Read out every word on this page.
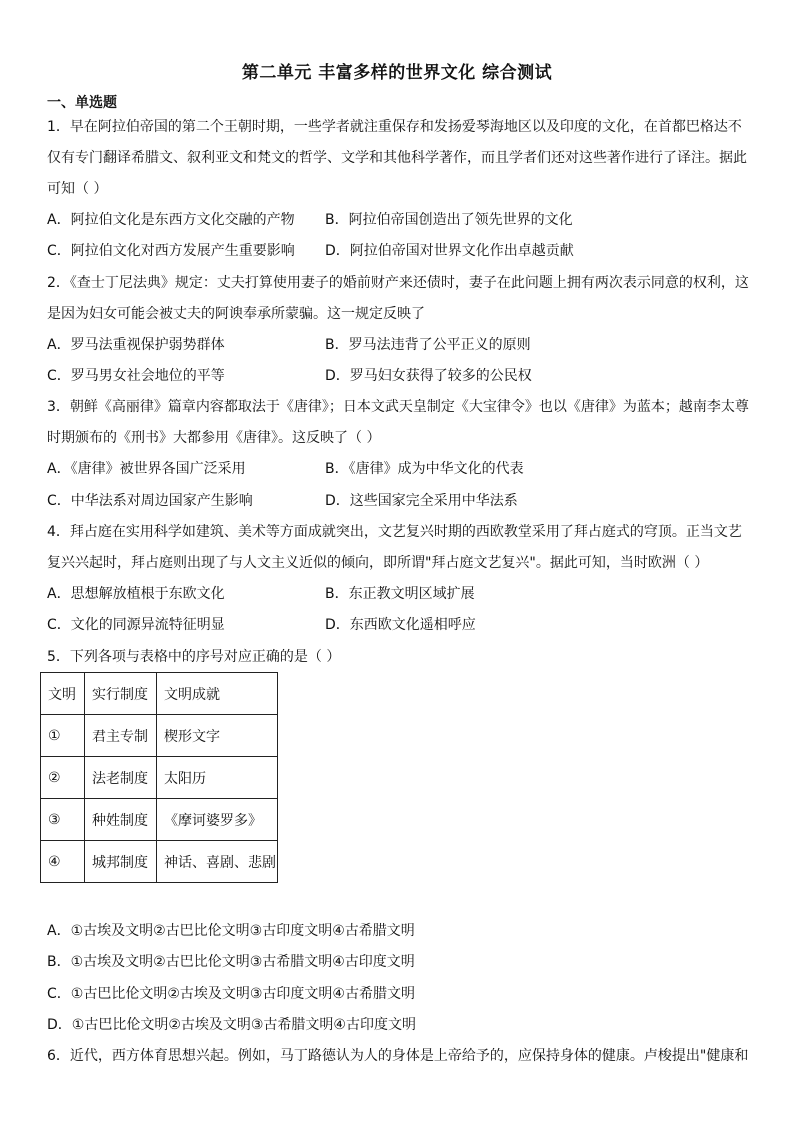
第二单元 丰富多样的世界文化 综合测试
一、单选题
1．早在阿拉伯帝国的第二个王朝时期，一些学者就注重保存和发扬爱琴海地区以及印度的文化，在首都巴格达不
仅有专门翻译希腊文、叙利亚文和梵文的哲学、文学和其他科学著作，而且学者们还对这些著作进行了译注。据此
可知（ ）
A．阿拉伯文化是东西方文化交融的产物 B．阿拉伯帝国创造出了领先世界的文化
C．阿拉伯文化对西方发展产生重要影响 D．阿拉伯帝国对世界文化作出卓越贡献
2．《查士丁尼法典》规定：丈夫打算使用妻子的婚前财产来还债时，妻子在此问题上拥有两次表示同意的权利，这
是因为妇女可能会被丈夫的阿谀奉承所蒙骗。这一规定反映了
A．罗马法重视保护弱势群体	B．罗马法违背了公平正义的原则
C．罗马男女社会地位的平等	D．罗马妇女获得了较多的公民权
3．朝鲜《高丽律》篇章内容都取法于《唐律》；日本文武天皇制定《大宝律令》也以《唐律》为蓝本；越南李太尊
时期颁布的《刑书》大都参用《唐律》。这反映了（ ）
A．《唐律》被世界各国广泛采用	B．《唐律》成为中华文化的代表
C．中华法系对周边国家产生影响	D．这些国家完全采用中华法系
4．拜占庭在实用科学如建筑、美术等方面成就突出，文艺复兴时期的西欧教堂采用了拜占庭式的穹顶。正当文艺
复兴兴起时，拜占庭则出现了与人文主义近似的倾向，即所谓"拜占庭文艺复兴"。据此可知，当时欧洲（ ）
A．思想解放植根于东欧文化	B．东正教文明区域扩展
C．文化的同源异流特征明显	D．东西欧文化遥相呼应
5．下列各项与表格中的序号对应正确的是（ ）
文明	实行制度	文明成就
①	君主专制	楔形文字
②	法老制度	太阳历
③	种姓制度	《摩诃婆罗多》
④	城邦制度	神话、喜剧、悲剧
A．①古埃及文明②古巴比伦文明③古印度文明④古希腊文明
B．①古埃及文明②古巴比伦文明③古希腊文明④古印度文明
C．①古巴比伦文明②古埃及文明③古印度文明④古希腊文明
D．①古巴比伦文明②古埃及文明③古希腊文明④古印度文明
6．近代，西方体育思想兴起。例如，马丁路德认为人的身体是上帝给予的，应保持身体的健康。卢梭提出"健康和
